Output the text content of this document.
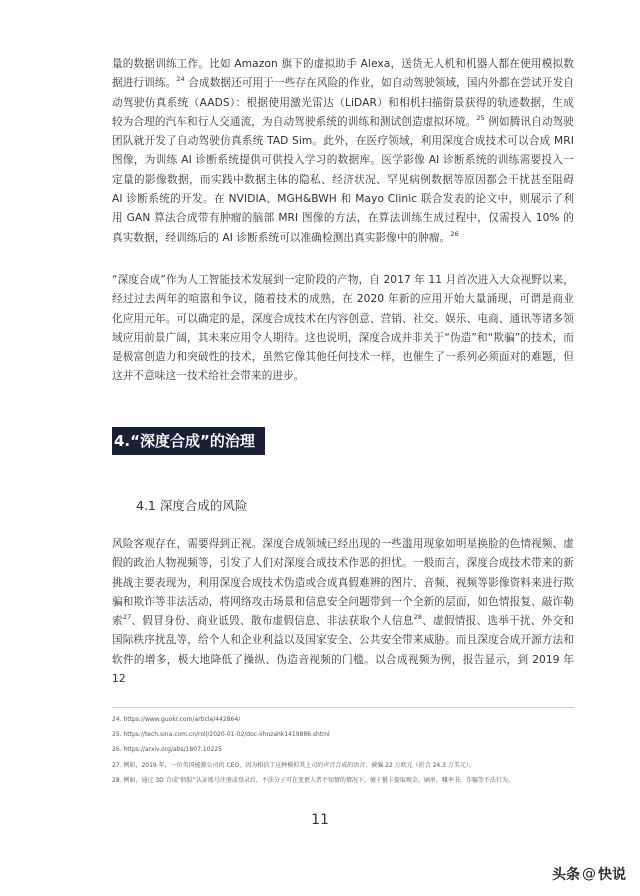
量的数据训练工作。比如 Amazon 旗下的虚拟助手 Alexa，送货无人机和机器人都在使用模拟数据进行训练。$^{24}$ 合成数据还可用于一些存在风险的作业，如自动驾驶领域，国内外都在尝试开发自动驾驶仿真系统（AADS）：根据使用激光雷达（LiDAR）和相机扫描街景获得的轨迹数据，生成较为合理的汽车和行人交通流，为自动驾驶系统的训练和测试创造虚拟环境。$^{25}$ 例如腾讯自动驾驶团队就开发了自动驾驶仿真系统 TAD Sim。此外，在医疗领域，利用深度合成技术可以合成 MRI 图像，为训练 AI 诊断系统提供可供投入学习的数据库。医学影像 AI 诊断系统的训练需要投入一定量的影像数据，而实践中数据主体的隐私、经济状况、罕见病例数据等原因都会干扰甚至阻碍 AI 诊断系统的开发。在 NVIDIA、MGH&BWH 和 Mayo Clinic 联合发表的论文中，则展示了利用 GAN 算法合成带有肿瘤的脑部 MRI 图像的方法，在算法训练生成过程中，仅需投入 10% 的真实数据，经训练后的 AI 诊断系统可以准确检测出真实影像中的肿瘤。$^{26}$

“深度合成”作为人工智能技术发展到一定阶段的产物，自 2017 年 11 月首次进入大众视野以来，经过过去两年的喧嚣和争议，随着技术的成熟，在 2020 年新的应用开始大量涌现，可谓是商业化应用元年。可以确定的是，深度合成技术在内容创意、营销、社交、娱乐、电商、通讯等诸多领域应用前景广阔，其未来应用令人期待。这也说明，深度合成并非关于“伪造”和“欺骗”的技术，而是极富创造力和突破性的技术，虽然它像其他任何技术一样，也催生了一系列必须面对的难题，但这并不意味这一技术给社会带来的进步。

4.“深度合成”的治理
4.1 深度合成的风险

风险客观存在，需要得到正视。深度合成领域已经出现的一些滥用现象如明星换脸的色情视频、虚假的政治人物视频等，引发了人们对深度合成技术作恶的担忧。一般而言，深度合成技术带来的新挑战主要表现为，利用深度合成技术伪造或合成真假难辨的图片、音频、视频等影像资料来进行欺骗和欺诈等非法活动，将网络攻击场景和信息安全问题带到一个全新的层面，如色情报复、敲诈勒索$^{27}$、假冒身份、商业诋毁、散布虚假信息、非法获取个人信息$^{28}$、虚假情报、选举干扰、外交和国际秩序扰乱等，给个人和企业利益以及国家安全、公共安全带来威胁。而且深度合成开源方法和软件的增多，极大地降低了操纵、伪造音视频的门槛。以合成视频为例，报告显示，到 2019 年 12

24. https://www.guokr.com/article/442864/
25. https://tech.sina.com.cn/roll/2020-01-02/doc-iihnzahk1419886.shtml
26. https://arxiv.org/abs/1807.10225
27. 例如，2019 年，一位英国能源公司的 CEO，因为相信了这种模拟其上司的声音合成的语音，被骗 22 万欧元（折合 24.3 万美元）。
28. 例如，通过 3D 合成“假脸”认证账号注册或登录后，不法分子可在变更人者不知情的情况下，擅于篡卡提取现金，刷单，赚率书，诈骗等不法行为。
11
头条 @ 快说
